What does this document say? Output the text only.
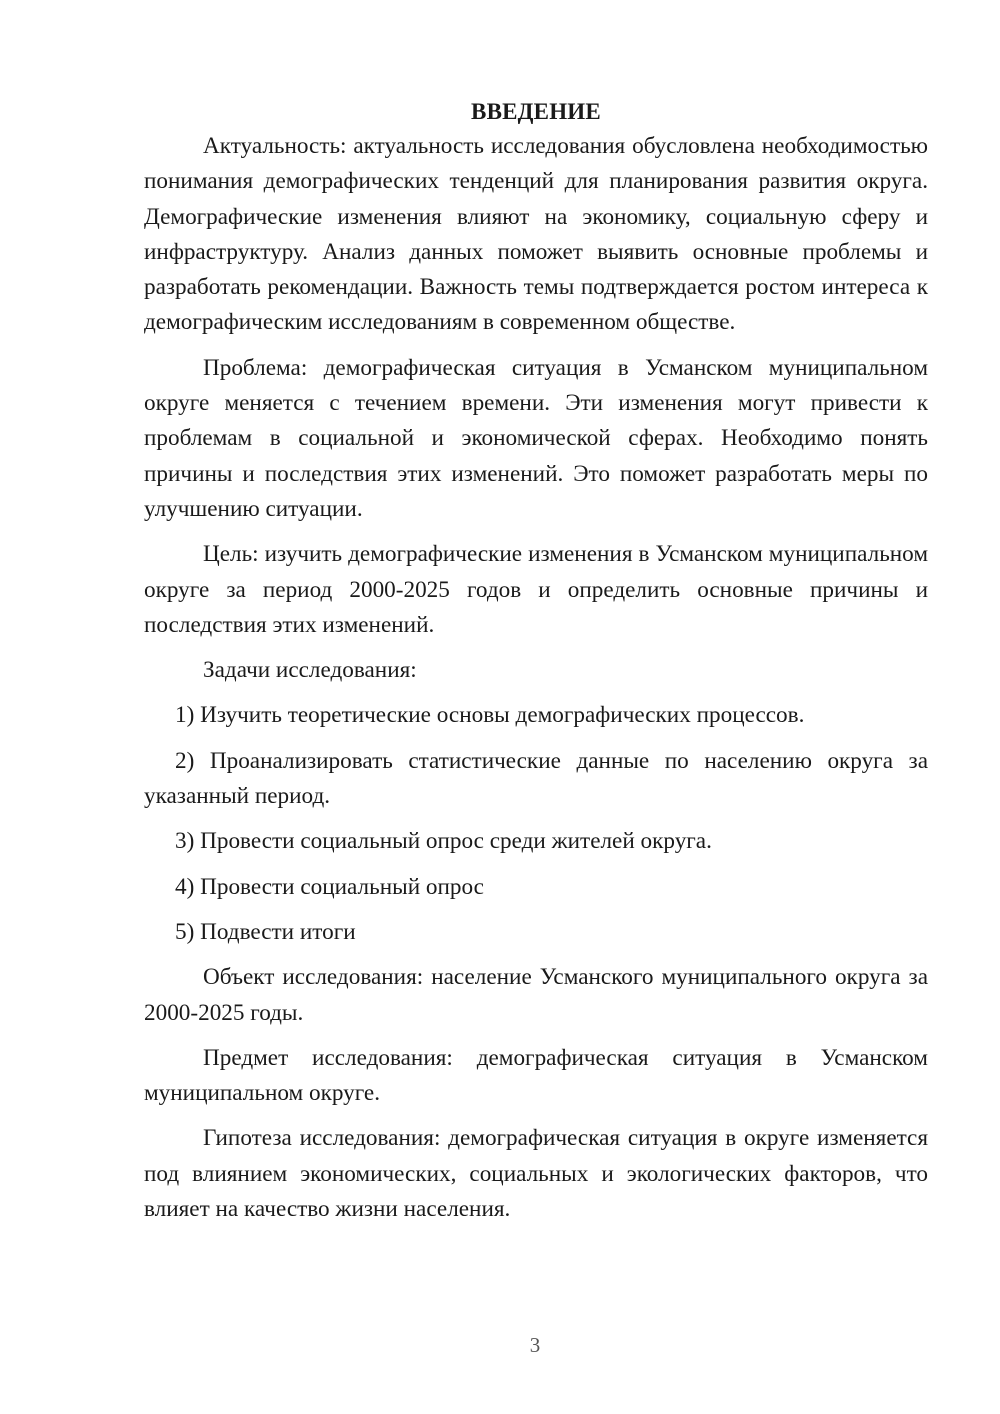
ВВЕДЕНИЕ

Актуальность: актуальность исследования обусловлена необходимостью понимания демографических тенденций для планирования развития округа. Демографические изменения влияют на экономику, социальную сферу и инфраструктуру. Анализ данных поможет выявить основные проблемы и разработать рекомендации. Важность темы подтверждается ростом интереса к демографическим исследованиям в современном обществе.

Проблема: демографическая ситуация в Усманском муниципальном округе меняется с течением времени. Эти изменения могут привести к проблемам в социальной и экономической сферах. Необходимо понять причины и последствия этих изменений. Это поможет разработать меры по улучшению ситуации.

Цель: изучить демографические изменения в Усманском муниципальном округе за период 2000-2025 годов и определить основные причины и последствия этих изменений.

Задачи исследования:

1) Изучить теоретические основы демографических процессов.

2) Проанализировать статистические данные по населению округа за указанный период.

3) Провести социальный опрос среди жителей округа.

4) Провести социальный опрос

5) Подвести итоги

Объект исследования: население Усманского муниципального округа за 2000-2025 годы.

Предмет исследования: демографическая ситуация в Усманском муниципальном округе.

Гипотеза исследования: демографическая ситуация в округе изменяется под влиянием экономических, социальных и экологических факторов, что влияет на качество жизни населения.

3
